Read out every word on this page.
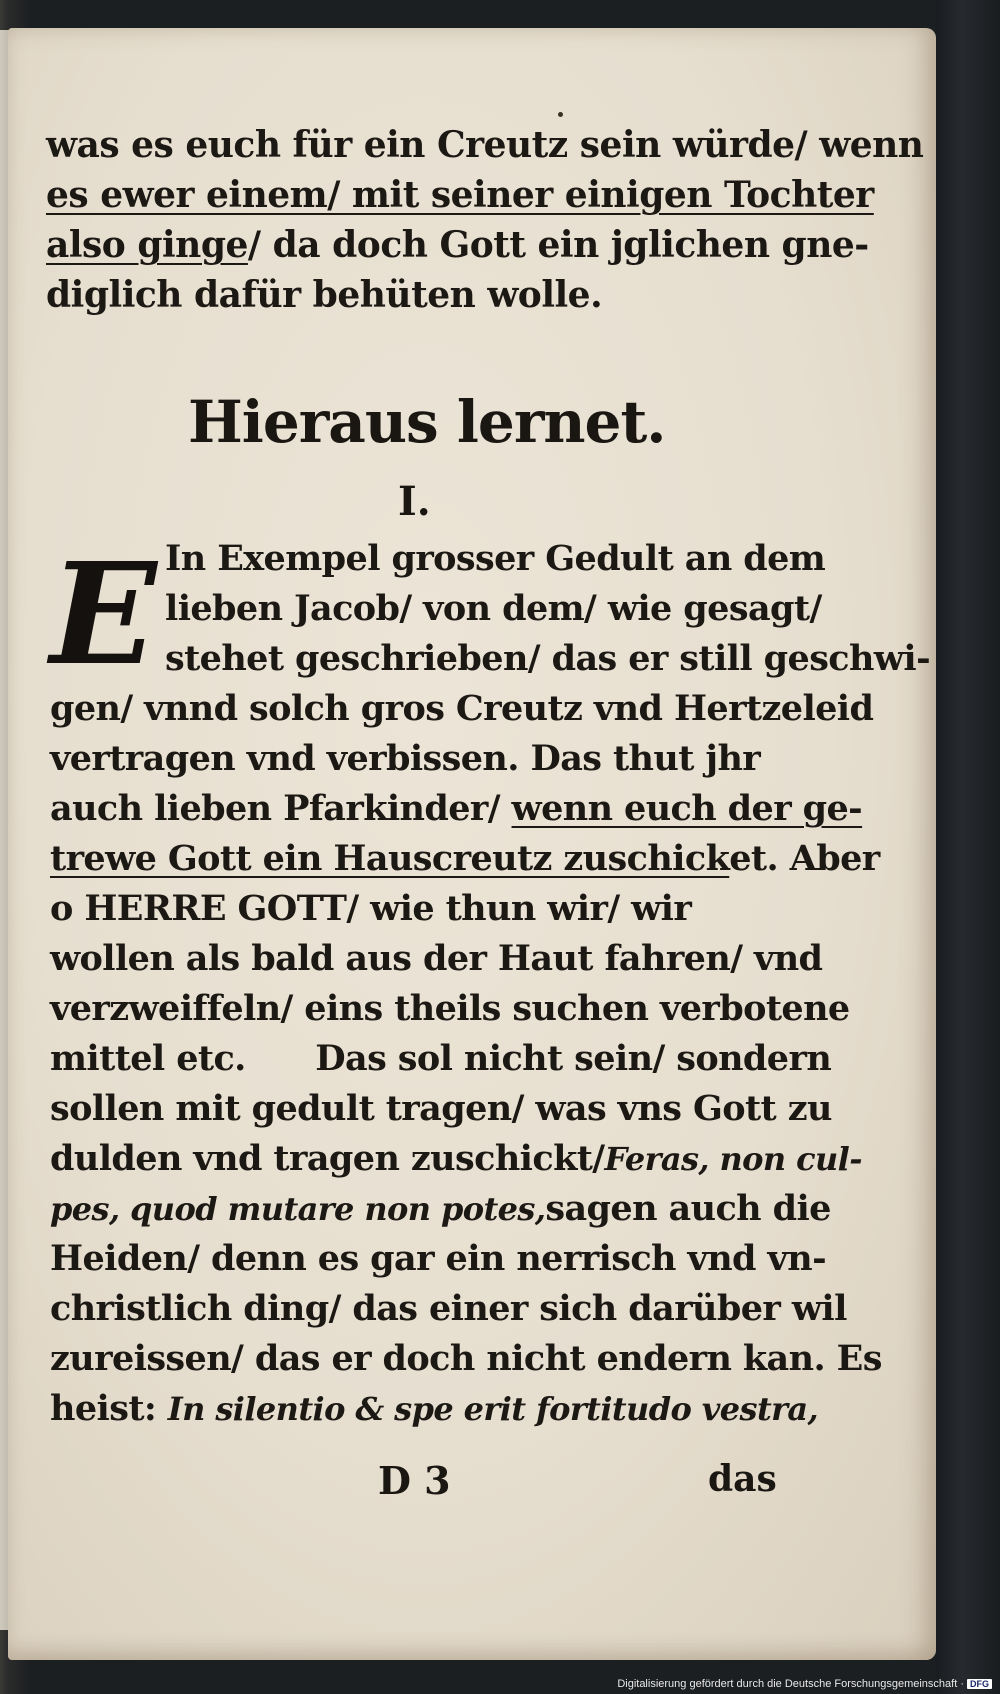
was es euch für ein Creutz sein würde/ wenn
es ewer einem/ mit seiner einigen Tochter
also ginge/ da doch Gott ein jglichen gne-
diglich dafür behüten wolle.
Hieraus lernet.
I.
E In Exempel grosser Gedult an dem
lieben Jacob/ von dem/ wie gesagt/
stehet geschrieben/ das er still geschwi-
gen/ vnnd solch gros Creutz vnd Hertzeleid
vertragen vnd verbissen. Das thut jhr
auch lieben Pfarkinder/ wenn euch der ge-
trewe Gott ein Hauscreutz zuschicket. Aber
o HERRE GOTT/ wie thun wir/ wir
wollen als bald aus der Haut fahren/ vnd
verzweiffeln/ eins theils suchen verbotene
mittel etc.      Das sol nicht sein/ sondern
sollen mit gedult tragen/ was vns Gott zu
dulden vnd tragen zuschickt/Feras, non cul-
pes, quod mutare non potes,sagen auch die
Heiden/ denn es gar ein nerrisch vnd vn-
christlich ding/ das einer sich darüber wil
zureissen/ das er doch nicht endern kan. Es
heist: In silentio & spe erit fortitudo vestra,
D 3	das
Digitalisierung gefördert durch die Deutsche Forschungsgemeinschaft · DFG
